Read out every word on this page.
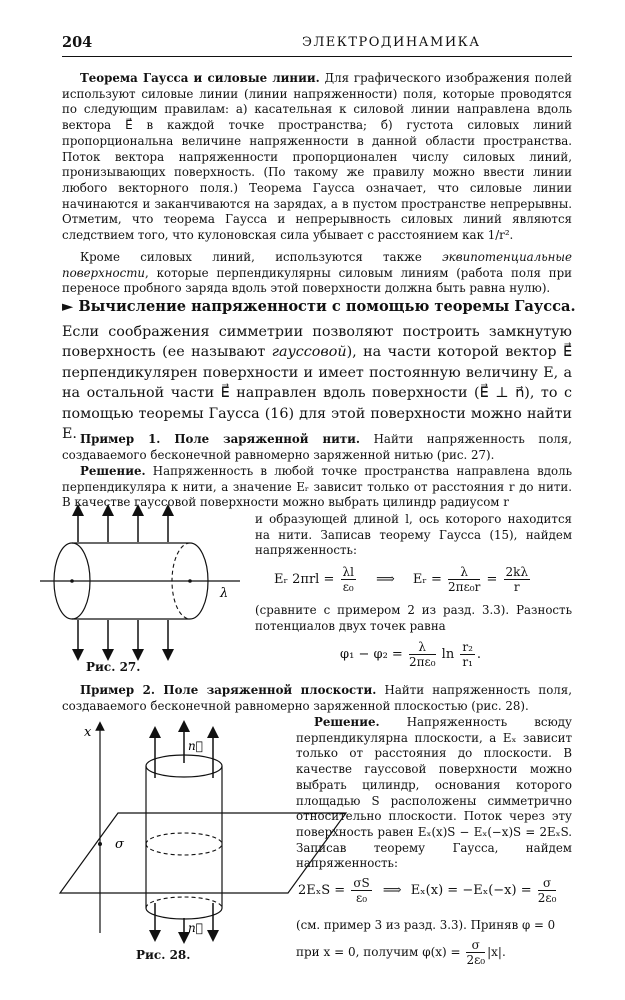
204	ЭЛЕКТРОДИНАМИКА
Теорема Гаусса и силовые линии. Для графического изображения полей используют силовые линии (линии напряженности) поля, которые проводятся по следующим правилам: а) касательная к силовой линии направлена вдоль вектора E⃗ в каждой точке пространства; б) густота силовых линий пропорциональна величине напряженности в данной области пространства. Поток вектора напряженности пропорционален числу силовых линий, пронизывающих поверхность. (По такому же правилу можно ввести линии любого векторного поля.) Теорема Гаусса означает, что силовые линии начинаются и заканчиваются на зарядах, а в пустом пространстве непрерывны. Отметим, что теорема Гаусса и непрерывность силовых линий являются следствием того, что кулоновская сила убывает с расстоянием как 1/r².
Кроме силовых линий, используются также эквипотенциальные поверхности, которые перпендикулярны силовым линиям (работа поля при переносе пробного заряда вдоль этой поверхности должна быть равна нулю).
► Вычисление напряженности с помощью теоремы Гаусса.
Если соображения симметрии позволяют построить замкнутую поверхность (ее называют гауссовой), на части которой вектор E⃗ перпендикулярен поверхности и имеет постоянную величину E, а на остальной части E⃗ направлен вдоль поверхности (E⃗ ⊥ n⃗), то с помощью теоремы Гаусса (16) для этой поверхности можно найти E. Пример 1. Поле заряженной нити. Найти напряженность поля, создаваемого бесконечной равномерно заряженной нитью (рис. 27).
Решение. Напряженность в любой точке пространства направлена вдоль перпендикуляра к нити, а значение Eᵣ зависит только от расстояния r до нити. В качестве гауссовой поверхности можно выбрать цилиндр радиусом r
и образующей длиной l, ось которого находится на нити. Записав теорему Гаусса (15), найдем напряженность:
λ
Рис. 27.
Eᵣ $2\pi rl = \frac{\lambda l}{\text{ε₀}}$ ⟹ Eᵣ = $\frac{\lambda}{\text{2πε₀r}} = \frac{2k\lambda}{r}$
(сравните с примером 2 из разд. 3.3). Разность потенциалов двух точек равна
$\varphi_1 - \varphi_2 = \frac{\lambda}{\text{2πε₀}}$ $\ln \frac{\text{r₂}}{\text{r₁}}$ .
Пример 2. Поле заряженной плоскости. Найти напряженность поля, создаваемого бесконечной равномерно заряженной плоскостью (рис. 28).
Решение. Напряженность всюду перпендикулярна плоскости, а Eₓ зависит только от расстояния до плоскости. В качестве гауссовой поверхности можно выбрать цилиндр, основания которого площадью S расположены симметрично относительно плоскости. Поток через эту поверхность равен Eₓ(x)S − Eₓ(−x)S = 2EₓS. Записав теорему Гаусса, найдем напряженность:
x
σ
n⃗
n⃗
Рис. 28.
$2E_xS = \frac{\sigma S}{\text{ε₀}}$ ⟹ $E_x(x) = -E_x(-x) = \frac{\sigma}{\text{2ε₀}}$
(см. пример 3 из разд. 3.3). Приняв φ = 0
при x = 0, получим $\varphi(x) = \frac{\sigma}{\text{2ε₀}} |x|$.
